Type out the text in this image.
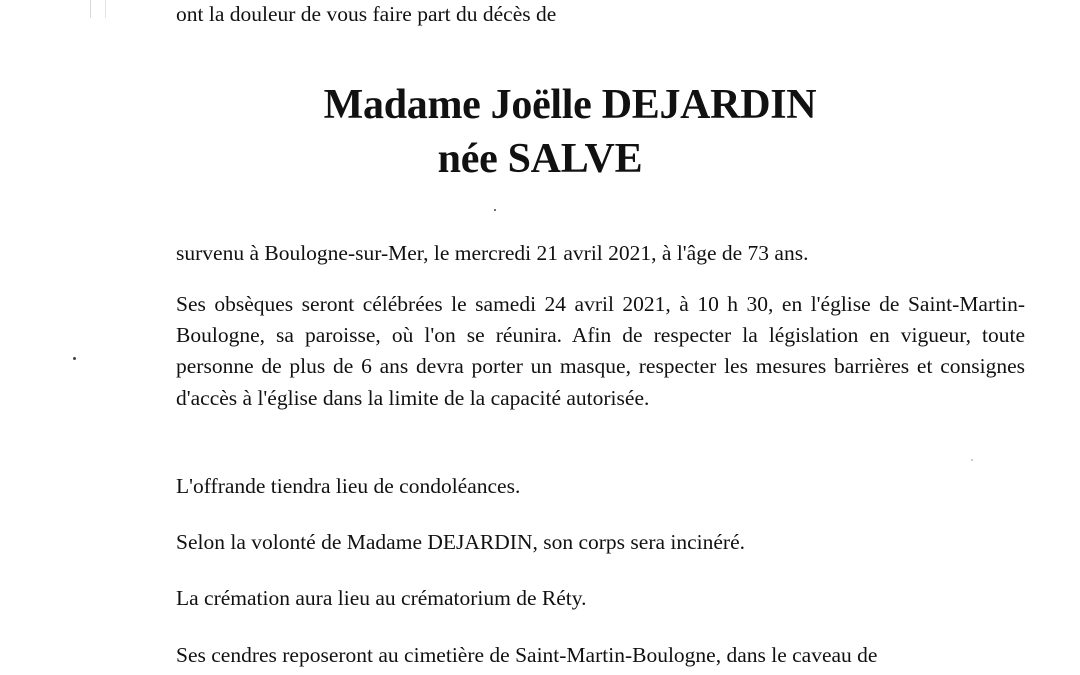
ont la douleur de vous faire part du décès de
Madame Joëlle DEJARDIN
née SALVE
survenu à Boulogne-sur-Mer, le mercredi 21 avril 2021, à l'âge de 73 ans.
Ses obsèques seront célébrées le samedi 24 avril 2021, à 10 h 30, en l'église de Saint-Martin-Boulogne, sa paroisse, où l'on se réunira. Afin de respecter la législation en vigueur, toute personne de plus de 6 ans devra porter un masque, respecter les mesures barrières et consignes d'accès à l'église dans la limite de la capacité autorisée.
L'offrande tiendra lieu de condoléances.
Selon la volonté de Madame DEJARDIN, son corps sera incinéré.
La crémation aura lieu au crématorium de Réty.
Ses cendres reposeront au cimetière de Saint-Martin-Boulogne, dans le caveau de
